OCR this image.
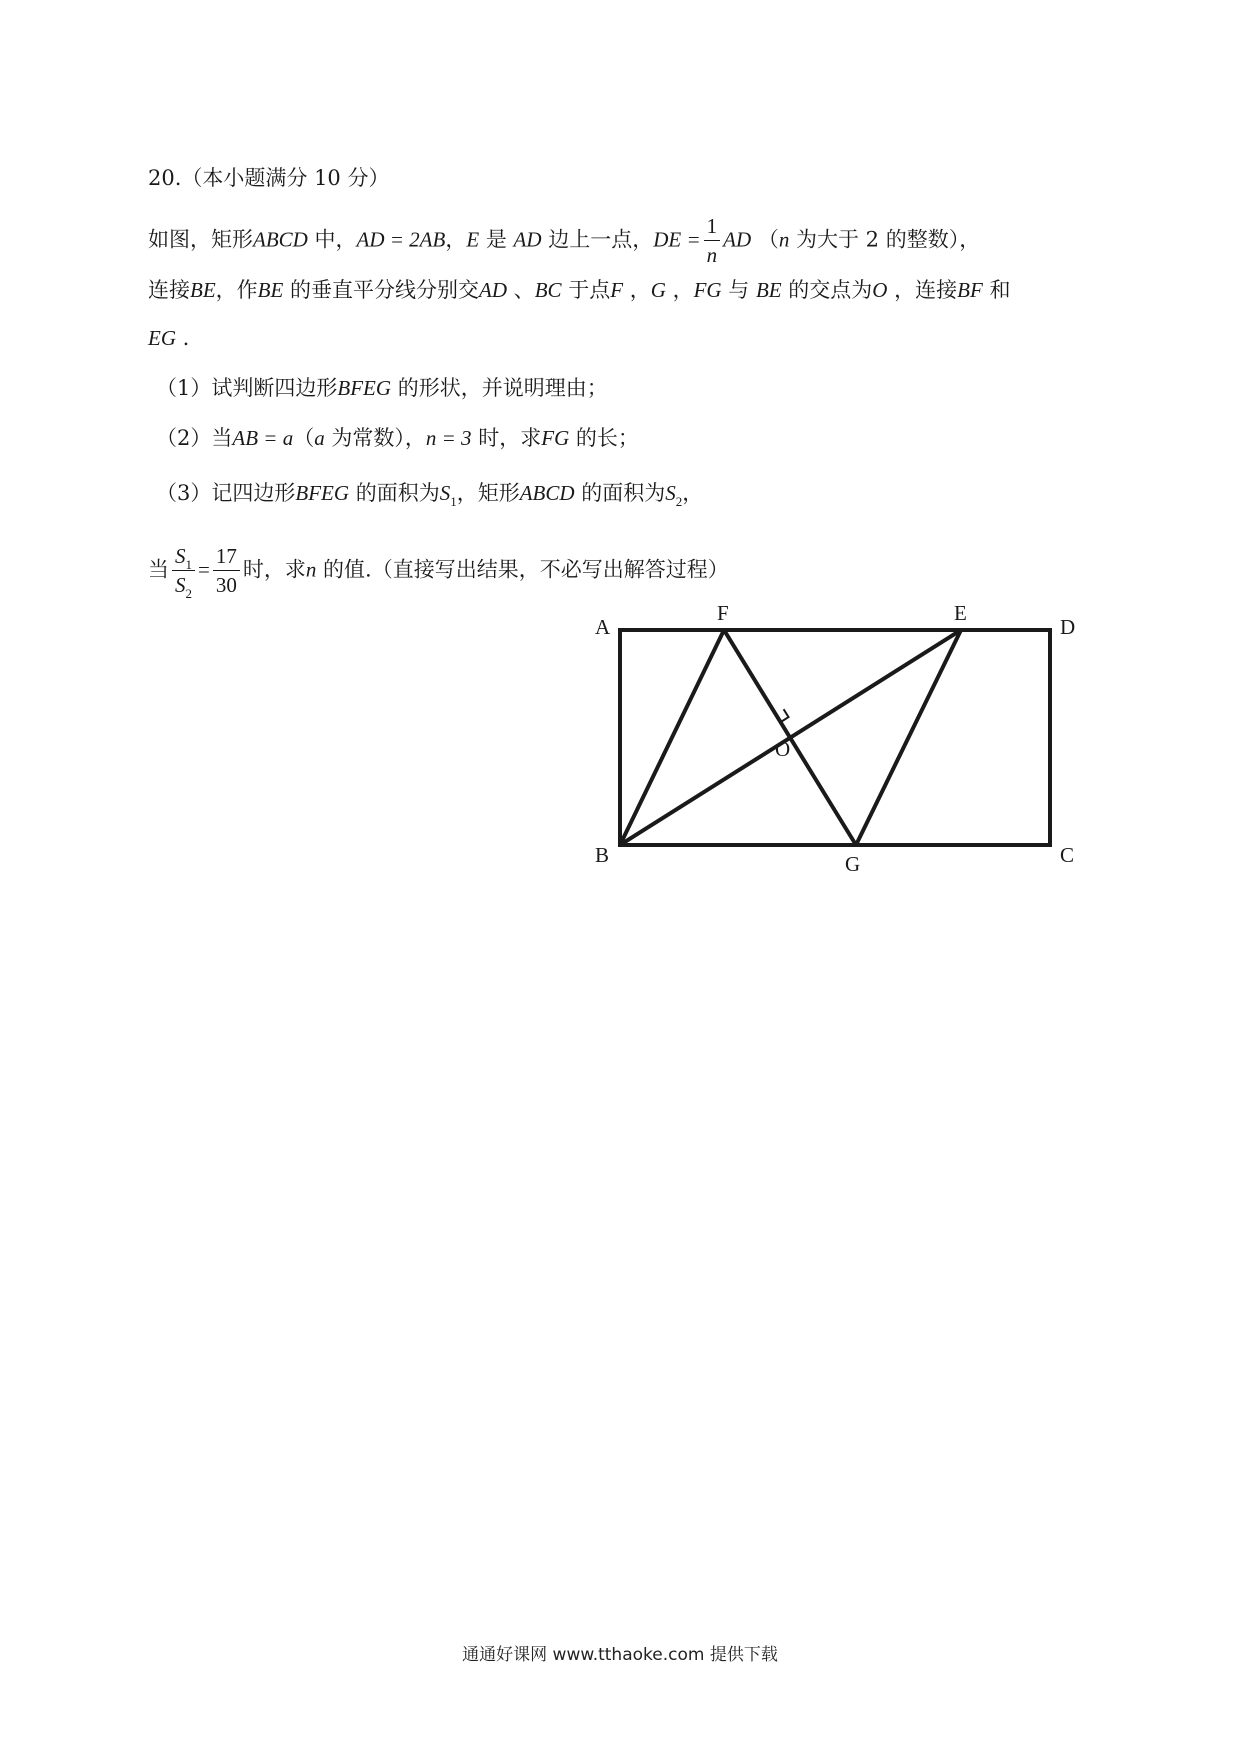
20.（本小题满分 10 分）
如图，矩形ABCD 中，AD = 2AB，E 是 AD 边上一点，DE = $\frac{1}{n}$ AD （n 为大于 2 的整数），
连接BE，作BE 的垂直平分线分别交AD 、BC 于点F ，G ，FG 与 BE 的交点为O ，连接BF 和
EG .
（1）试判断四边形BFEG 的形状，并说明理由；
（2）当AB = a（a 为常数），n = 3 时，求FG 的长；
（3）记四边形BFEG 的面积为$S_1$，矩形ABCD 的面积为$S_2$，
当 $\frac{S_1}{S_2} = \frac{17}{30}$ 时，求n 的值.（直接写出结果，不必写出解答过程）
A
F	E
D
O
B	G	C
通通好课网 www.tthaoke.com 提供下载
